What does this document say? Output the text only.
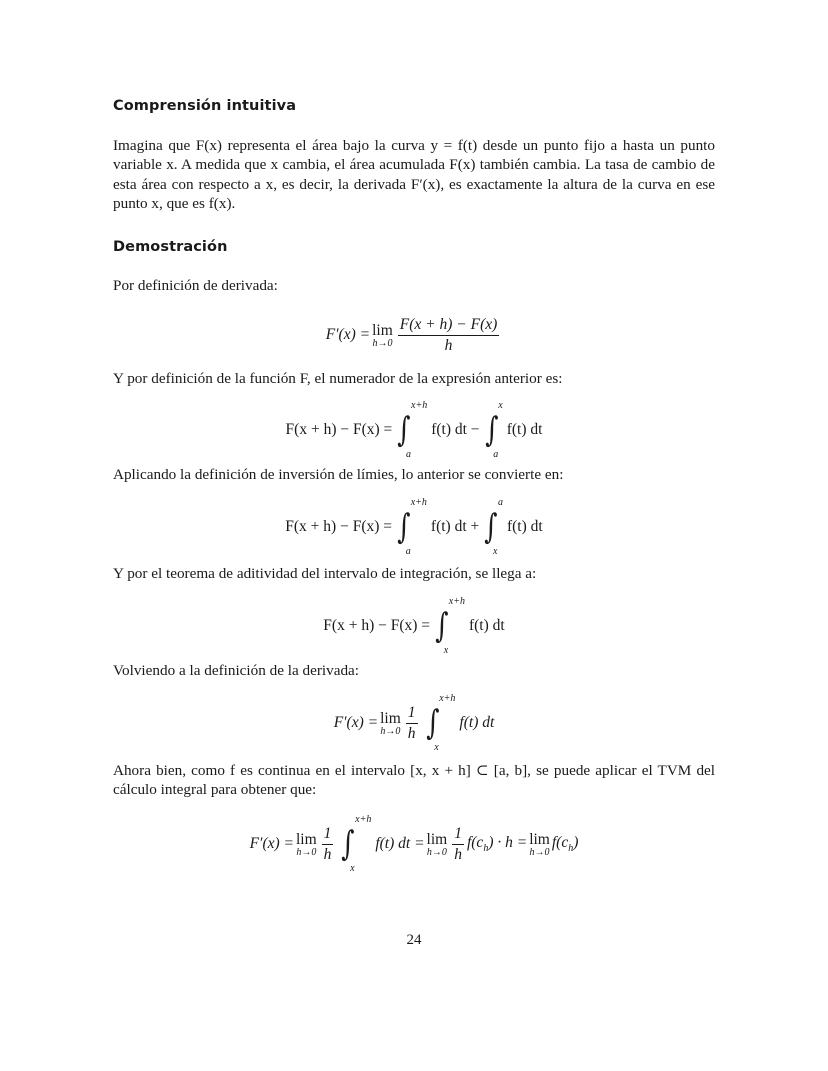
Comprensión intuitiva

Imagina que F(x) representa el área bajo la curva y = f(t) desde un punto fijo a hasta un punto variable x. A medida que x cambia, el área acumulada F(x) también cambia. La tasa de cambio de esta área con respecto a x, es decir, la derivada F′(x), es exactamente la altura de la curva en ese punto x, que es f(x).

Demostración

Por definición de derivada:

F′(x) = lim
$h\to 0 \frac{F(x + h) - F(x)}{h}$

Y por definición de la función F, el numerador de la expresión anterior es:

F(x + h) − F(x) = ∫
x+h
a
f(t) dt − ∫
x
a
f(t) dt

Aplicando la definición de inversión de límies, lo anterior se convierte en:

F(x + h) − F(x) = ∫
x+h
a
f(t) dt + ∫
a
x
f(t) dt

Y por el teorema de aditividad del intervalo de integración, se llega a:

F(x + h) − F(x) = ∫
x+h
x
f(t) dt

Volviendo a la definición de la derivada:

F′(x) = lim
$h\to 0 \frac{1}{h}$ ∫
x+h
x
f(t) dt

Ahora bien, como f es continua en el intervalo [x, x + h] ⊂ [a, b], se puede aplicar el TVM del cálculo integral para obtener que:

F′(x) = lim
$h\to 0 \frac{1}{h}$ ∫
x+h
x
f(t) dt = lim
$h\to 0 \frac{1}{h} f(c_h) \cdot h = \lim$
h→0
$f(c_h)$
24
